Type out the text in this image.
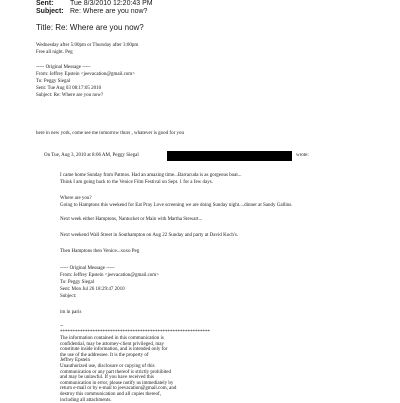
Sent: Tue 8/3/2010 12:20:43 PM
Subject: Re: Where are you now?
Title: Re: Where are you now?
Wednesday after 5:00pm or Thursday after 3:00pm
Free all night. Peg
----- Original Message -----
From: Jeffrey Epstein <jeevacation@gmail.com>
To: Peggy Siegal
Sent: Tue Aug 03 08:17:05 2010
Subject: Re: Where are you now?
here in new york, come see me tomorrow thurs , whatever is good for you
On Tue, Aug 3, 2010 at 8:06 AM, Peggy Siegal	wrote:
I came home Sunday from Patmos. Had an amazing time...Barracuda is as gorgeous boat...
Think I am going back to the Venice Film Festival on Sept. 1 for a few days.
Where are you?
Going to Hamptons this weekend for Eat Pray Love screening we are doing Sunday night....dinner at Sandy Gallins.
Next week either Hamptons, Nantucket or Main with Martha Stewart...
Next weekend Wall Street in Southampton on Aug 22 Sunday and party at David Koch's.
Then Hamptons then Venice...xoxo Peg
----- Original Message -----
From: Jeffrey Epstein <jeevacation@gmail.com>
To: Peggy Siegal
Sent: Mon Jul 26 18:29:47 2010
Subject:
im in paris
--
************************************************************
The information contained in this communication is
confidential, may be attorney-client privileged, may
constitute inside information, and is intended only for
the use of the addressee. It is the property of
Jeffrey Epstein
Unauthorized use, disclosure or copying of this
communication or any part thereof is strictly prohibited
and may be unlawful. If you have received this
communication in error, please notify us immediately by
return e-mail or by e-mail to jeevacation@gmail.com, and
destroy this communication and all copies thereof,
including all attachments.
